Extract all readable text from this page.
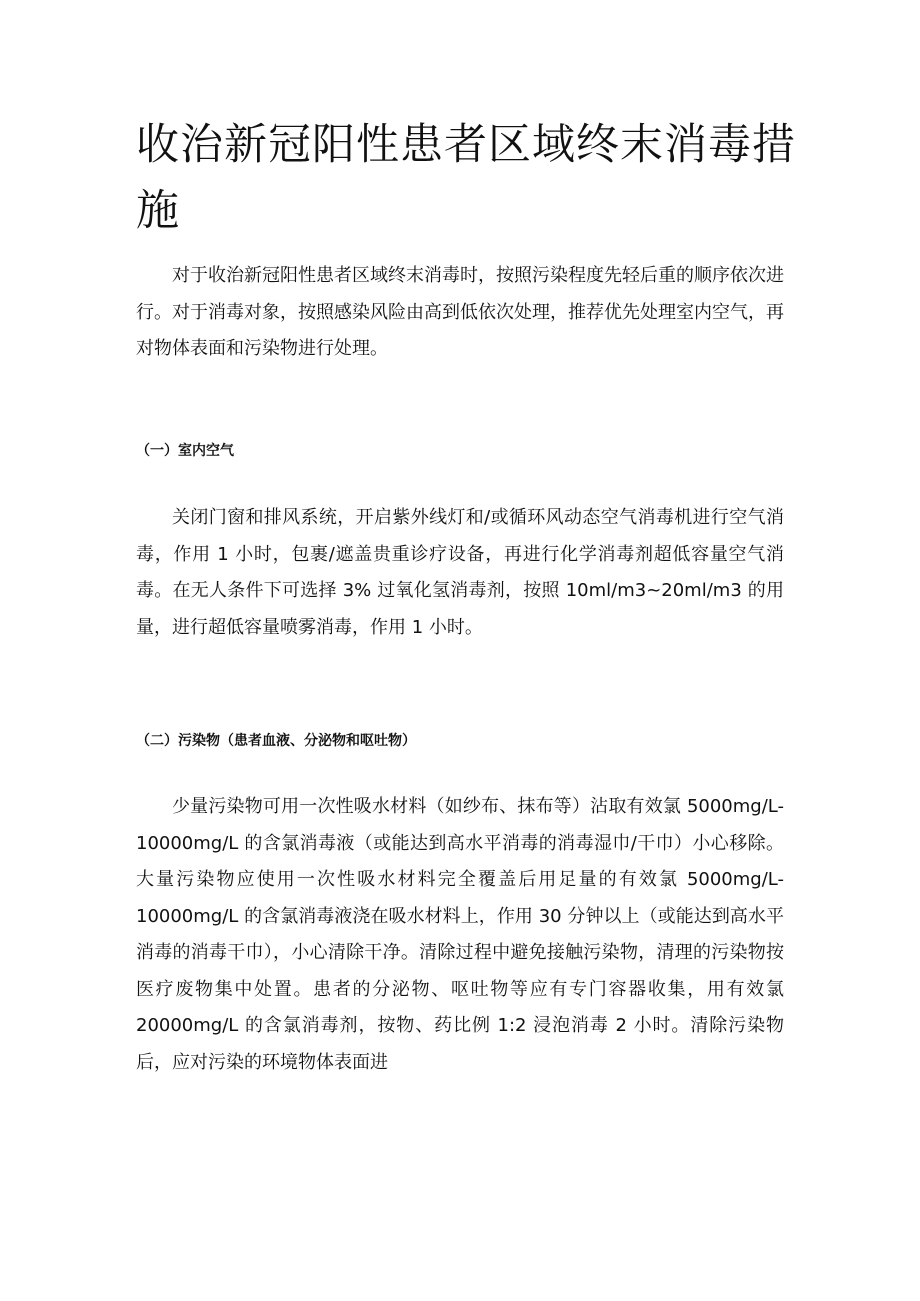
收治新冠阳性患者区域终末消毒措施

对于收治新冠阳性患者区域终末消毒时，按照污染程度先轻后重的顺序依次进行。对于消毒对象，按照感染风险由高到低依次处理，推荐优先处理室内空气，再对物体表面和污染物进行处理。

（一）室内空气

关闭门窗和排风系统，开启紫外线灯和/或循环风动态空气消毒机进行空气消毒，作用 1 小时，包裹/遮盖贵重诊疗设备，再进行化学消毒剂超低容量空气消毒。在无人条件下可选择 3% 过氧化氢消毒剂，按照 10ml/m3~20ml/m3 的用量，进行超低容量喷雾消毒，作用 1 小时。

（二）污染物（患者血液、分泌物和呕吐物）

少量污染物可用一次性吸水材料（如纱布、抹布等）沾取有效氯 5000mg/L-10000mg/L 的含氯消毒液（或能达到高水平消毒的消毒湿巾/干巾）小心移除。大量污染物应使用一次性吸水材料完全覆盖后用足量的有效氯 5000mg/L-10000mg/L 的含氯消毒液浇在吸水材料上，作用 30 分钟以上（或能达到高水平消毒的消毒干巾），小心清除干净。清除过程中避免接触污染物，清理的污染物按医疗废物集中处置。患者的分泌物、呕吐物等应有专门容器收集，用有效氯 20000mg/L 的含氯消毒剂，按物、药比例 1:2 浸泡消毒 2 小时。清除污染物后，应对污染的环境物体表面进
